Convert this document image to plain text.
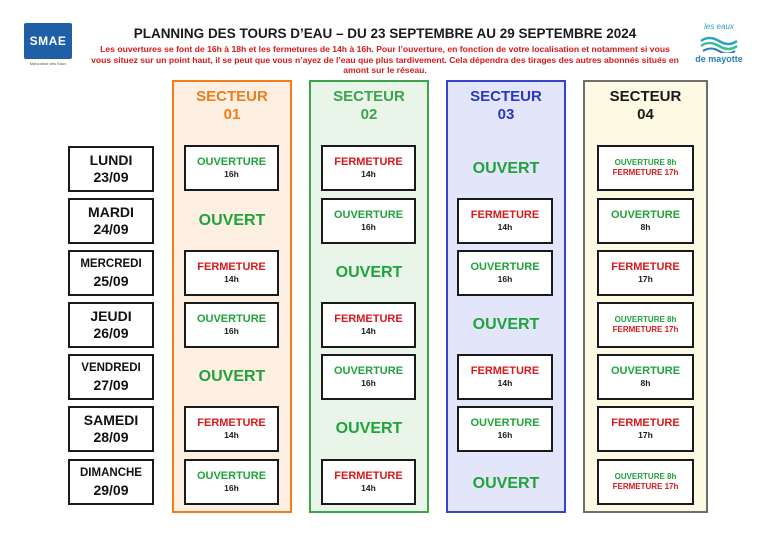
SMAE
Mahoraise des Eaux
les eaux
de mayotte
PLANNING DES TOURS D’EAU – DU 23 SEPTEMBRE AU 29 SEPTEMBRE 2024
Les ouvertures se font de 16h à 18h et les fermetures de 14h à 16h. Pour l’ouverture, en fonction de votre localisation et notamment si vous vous situez sur un point haut, il se peut que vous n’ayez de l’eau que plus tardivement. Cela dépendra des tirages des autres abonnés situés en amont sur le réseau.
SECTEUR
01
SECTEUR
02
SECTEUR
03
SECTEUR
04
LUNDI
23/09
MARDI
24/09
MERCREDI
25/09
JEUDI
26/09
VENDREDI
27/09
SAMEDI
28/09
DIMANCHE
29/09
OUVERTURE
16h
OUVERT
FERMETURE
14h
OUVERTURE
16h
OUVERT
FERMETURE
14h
OUVERTURE
16h
FERMETURE
14h
OUVERTURE
16h
OUVERT
FERMETURE
14h
OUVERTURE
16h
OUVERT
FERMETURE
14h
OUVERT
FERMETURE
14h
OUVERTURE
16h
OUVERT
FERMETURE
14h
OUVERTURE
16h
OUVERT
OUVERTURE 8h
FERMETURE 17h
OUVERTURE
8h
FERMETURE
17h
OUVERTURE 8h
FERMETURE 17h
OUVERTURE
8h
FERMETURE
17h
OUVERTURE 8h
FERMETURE 17h
